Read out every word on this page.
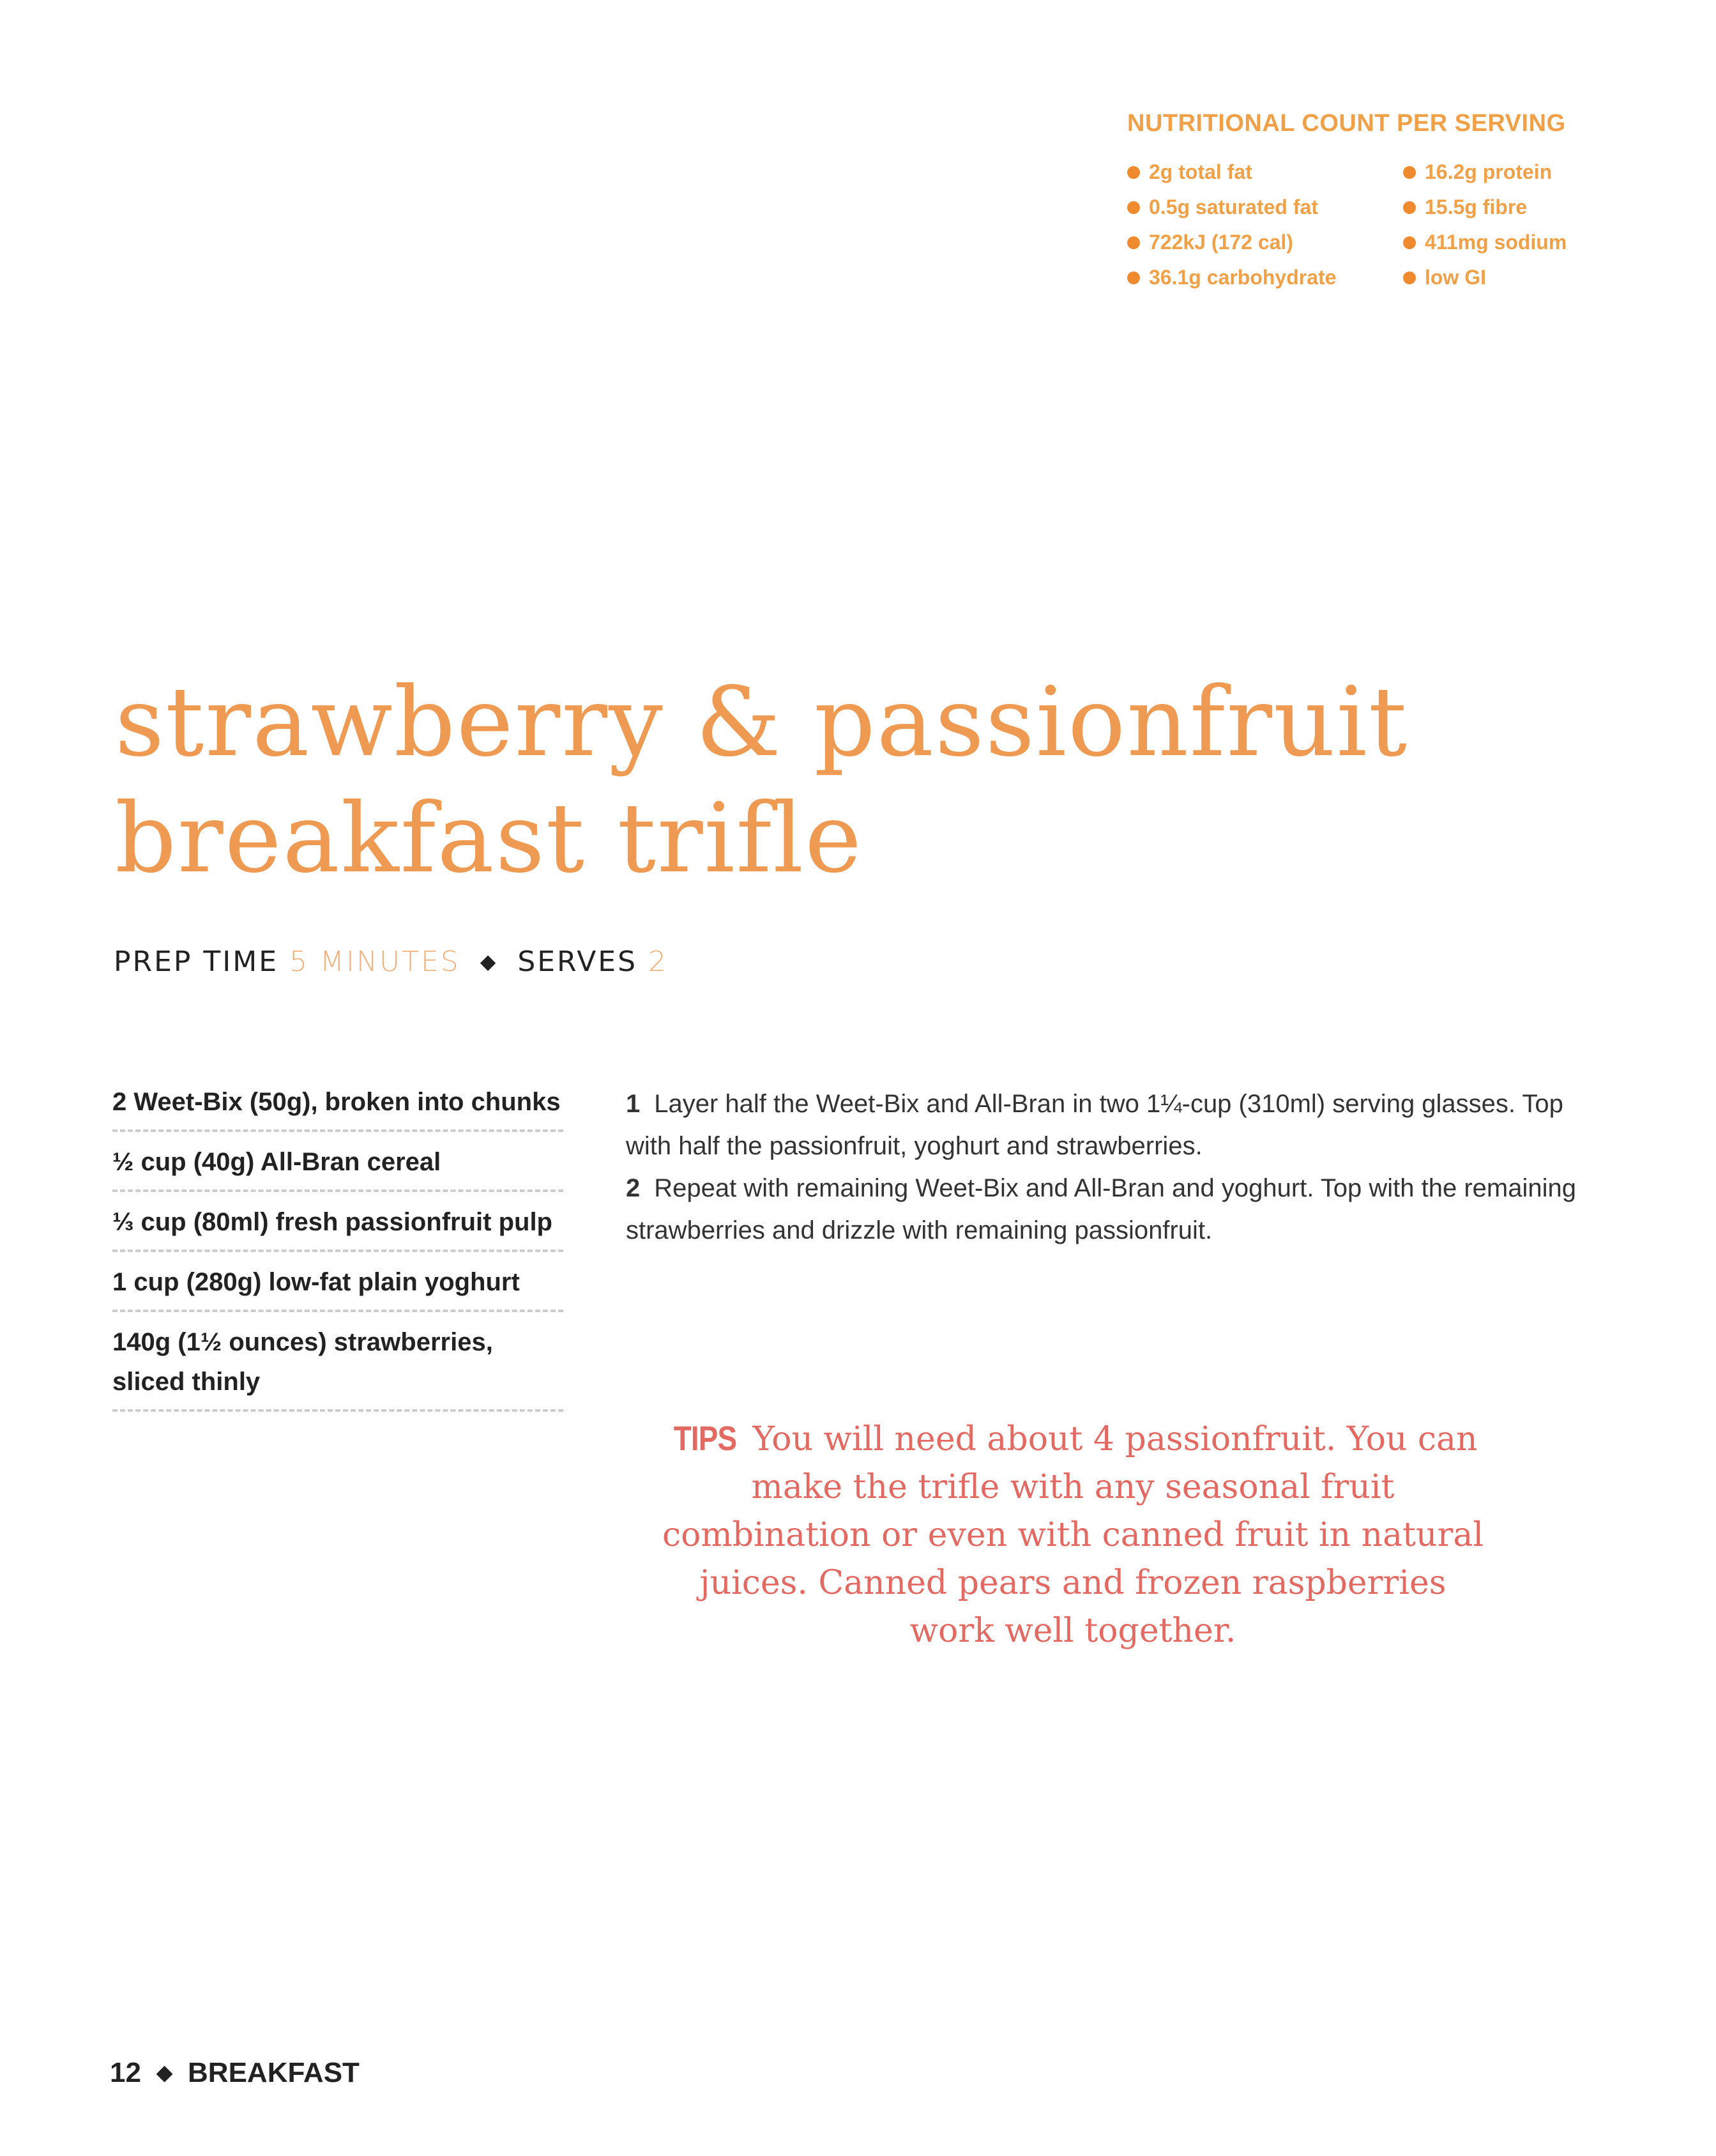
NUTRITIONAL COUNT PER SERVING
2g total fat	16.2g protein
0.5g saturated fat	15.5g fibre
722kJ (172 cal)	411mg sodium
36.1g carbohydrate	low GI
strawberry & passionfruit
breakfast trifle
PREP TIME 5 MINUTES ◆ SERVES 2
2 Weet-Bix (50g), broken into chunks
½ cup (40g) All-Bran cereal
⅓ cup (80ml) fresh passionfruit pulp
1 cup (280g) low-fat plain yoghurt
140g (1½ ounces) strawberries, sliced thinly

1 Layer half the Weet-Bix and All-Bran in two 1¼-cup (310ml) serving glasses. Top with half the passionfruit, yoghurt and strawberries.

2 Repeat with remaining Weet-Bix and All-Bran and yoghurt. Top with the remaining strawberries and drizzle with remaining passionfruit.

TIPS You will need about 4 passionfruit. You can make the trifle with any seasonal fruit combination or even with canned fruit in natural juices. Canned pears and frozen raspberries work well together.
12 ◆ BREAKFAST
